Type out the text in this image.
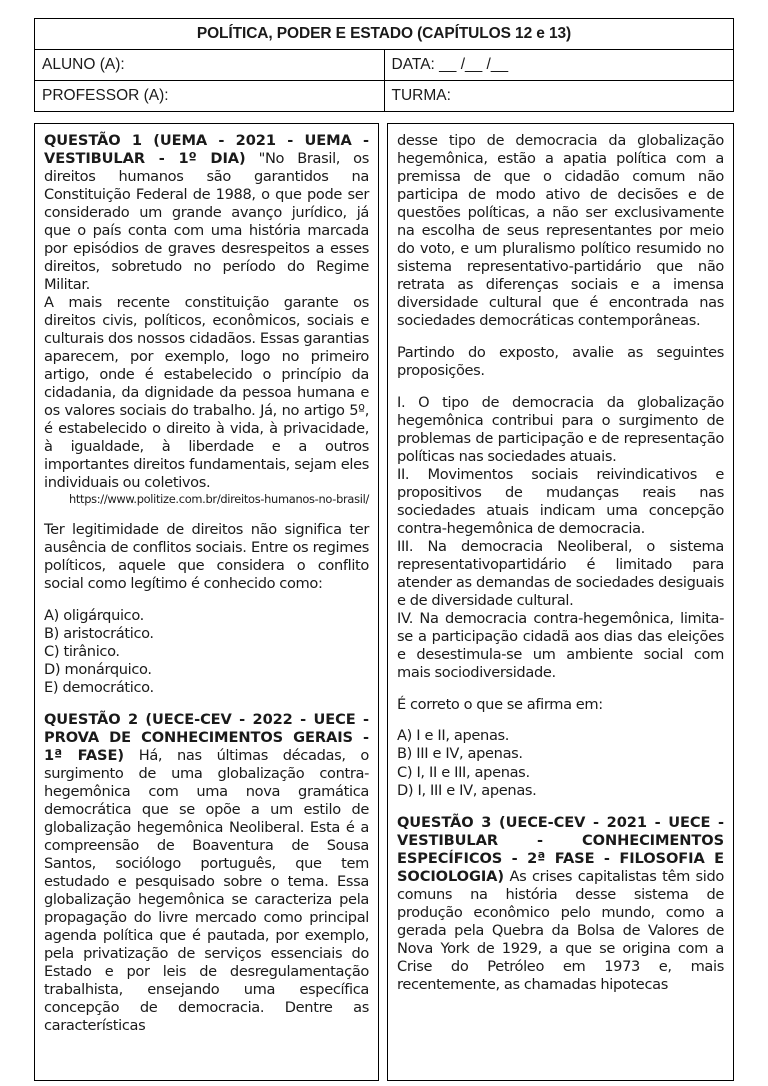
POLÍTICA, PODER E ESTADO (CAPÍTULOS 12 e 13)	
ALUNO (A):	DATA: __ /__ /__
PROFESSOR (A):	TURMA:

QUESTÃO 1 (UEMA - 2021 - UEMA - VESTIBULAR - 1º DIA) "No Brasil, os direitos humanos são garantidos na Constituição Federal de 1988, o que pode ser considerado um grande avanço jurídico, já que o país conta com uma história marcada por episódios de graves desrespeitos a esses direitos, sobretudo no período do Regime Militar.

A mais recente constituição garante os direitos civis, políticos, econômicos, sociais e culturais dos nossos cidadãos. Essas garantias aparecem, por exemplo, logo no primeiro artigo, onde é estabelecido o princípio da cidadania, da dignidade da pessoa humana e os valores sociais do trabalho. Já, no artigo 5º, é estabelecido o direito à vida, à privacidade, à igualdade, à liberdade e a outros importantes direitos fundamentais, sejam eles individuais ou coletivos.

https://www.politize.com.br/direitos-humanos-no-brasil/

Ter legitimidade de direitos não significa ter ausência de conflitos sociais. Entre os regimes políticos, aquele que considera o conflito social como legítimo é conhecido como:

A) oligárquico.
B) aristocrático.
C) tirânico.
D) monárquico.
E) democrático.

QUESTÃO 2 (UECE-CEV - 2022 - UECE - PROVA DE CONHECIMENTOS GERAIS - 1ª FASE) Há, nas últimas décadas, o surgimento de uma globalização contra-hegemônica com uma nova gramática democrática que se opõe a um estilo de globalização hegemônica Neoliberal. Esta é a compreensão de Boaventura de Sousa Santos, sociólogo português, que tem estudado e pesquisado sobre o tema. Essa globalização hegemônica se caracteriza pela propagação do livre mercado como principal agenda política que é pautada, por exemplo, pela privatização de serviços essenciais do Estado e por leis de desregulamentação trabalhista, ensejando uma específica concepção de democracia. Dentre as características

desse tipo de democracia da globalização hegemônica, estão a apatia política com a premissa de que o cidadão comum não participa de modo ativo de decisões e de questões políticas, a não ser exclusivamente na escolha de seus representantes por meio do voto, e um pluralismo político resumido no sistema representativo-partidário que não retrata as diferenças sociais e a imensa diversidade cultural que é encontrada nas sociedades democráticas contemporâneas.

Partindo do exposto, avalie as seguintes proposições.

I. O tipo de democracia da globalização hegemônica contribui para o surgimento de problemas de participação e de representação políticas nas sociedades atuais.

II. Movimentos sociais reivindicativos e propositivos de mudanças reais nas sociedades atuais indicam uma concepção contra-hegemônica de democracia.

III. Na democracia Neoliberal, o sistema representativopartidário é limitado para atender as demandas de sociedades desiguais e de diversidade cultural.

IV. Na democracia contra-hegemônica, limita-se a participação cidadã aos dias das eleições e desestimula-se um ambiente social com mais sociodiversidade.

É correto o que se afirma em:

A) I e II, apenas.
B) III e IV, apenas.
C) I, II e III, apenas.
D) I, III e IV, apenas.

QUESTÃO 3 (UECE-CEV - 2021 - UECE - VESTIBULAR - CONHECIMENTOS ESPECÍFICOS - 2ª FASE - FILOSOFIA E SOCIOLOGIA) As crises capitalistas têm sido comuns na história desse sistema de produção econômico pelo mundo, como a gerada pela Quebra da Bolsa de Valores de Nova York de 1929, a que se origina com a Crise do Petróleo em 1973 e, mais recentemente, as chamadas hipotecas
